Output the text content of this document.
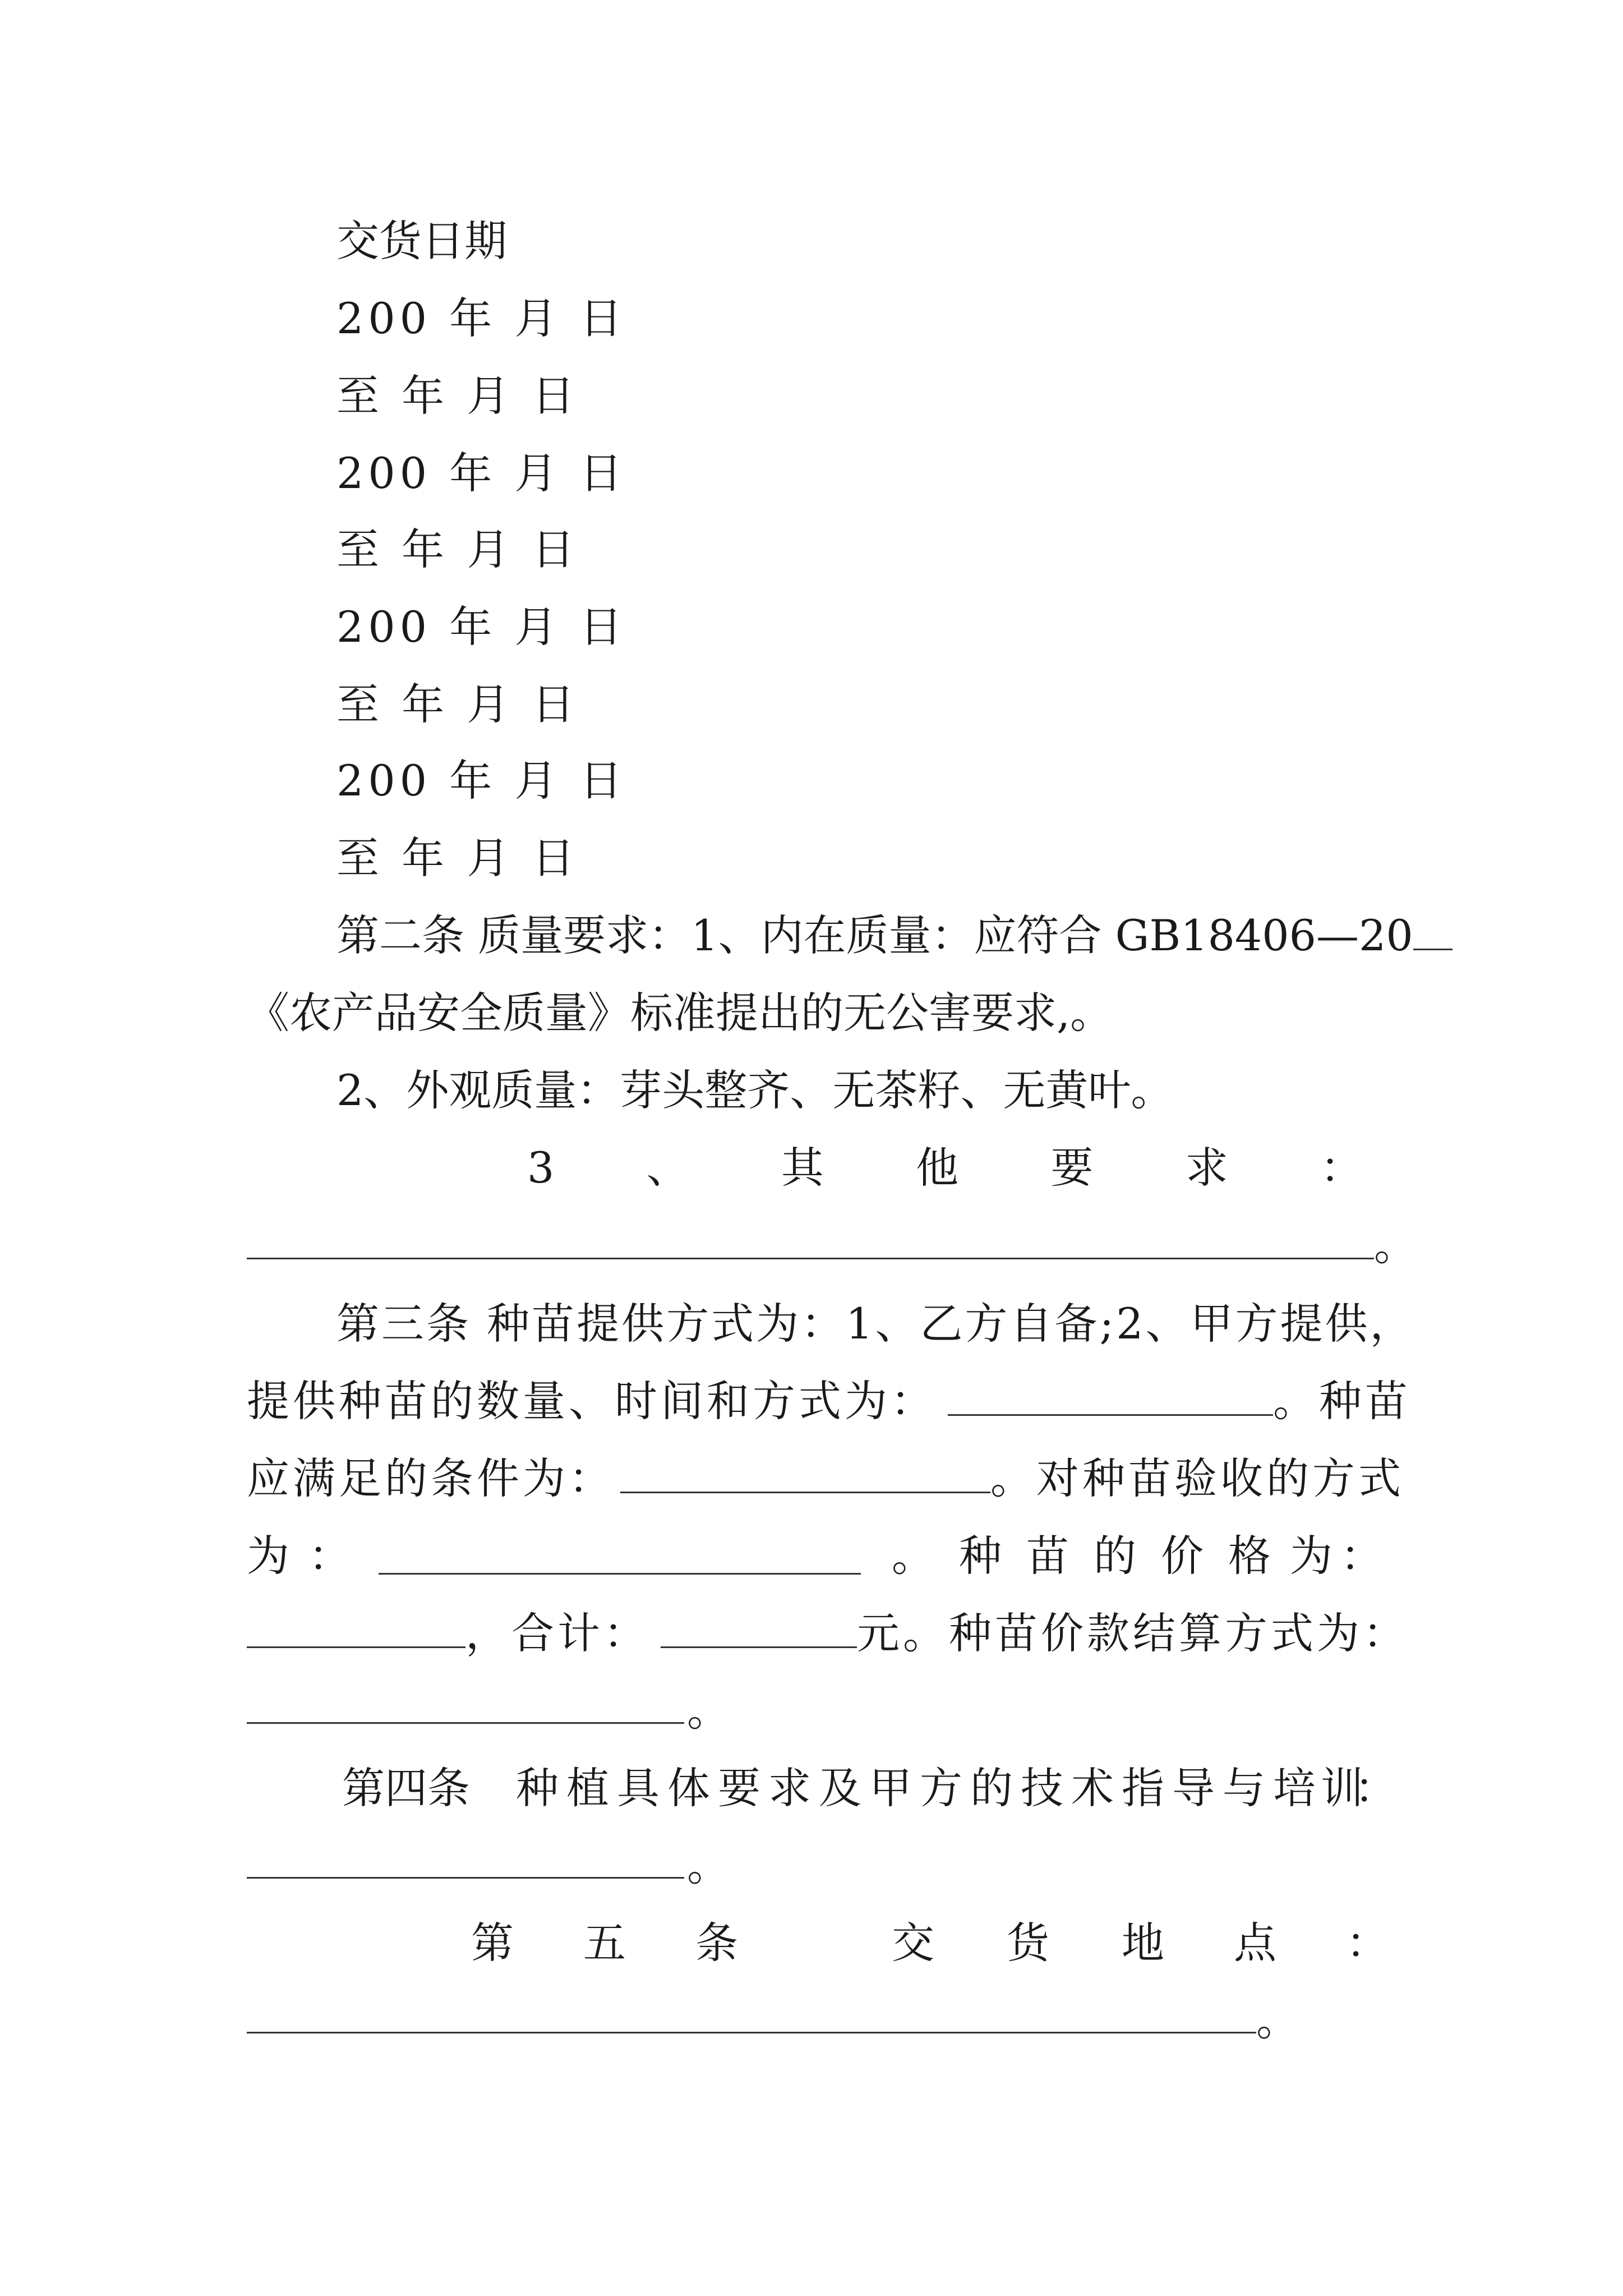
交货日期
200 年 月 日
至 年 月 日
200 年 月 日
至 年 月 日
200 年 月 日
至 年 月 日
200 年 月 日
至 年 月 日
第二条 质量要求：1、内在质量：应符合 GB18406—20
《农产品安全质量》标准提出的无公害要求,。
2、外观质量：芽头整齐、无茶籽、无黄叶。
3 、 其 他 要 求 ：
。
第三条 种苗提供方式为：1、乙方自备;2、甲方提供，
提供种苗的数量、时间和方式为：	。种苗
应满足的条件为：	。对种苗验收的方式
为 ：	。 种 苗 的 价 格 为 ：
，合计：	元。种苗价款结算方式为：
。
第四条 种 植 具 体 要 求 及 甲 方 的 技 术 指 导 与 培 训
：
。
第 五 条	交 货 地 点 ：
。
